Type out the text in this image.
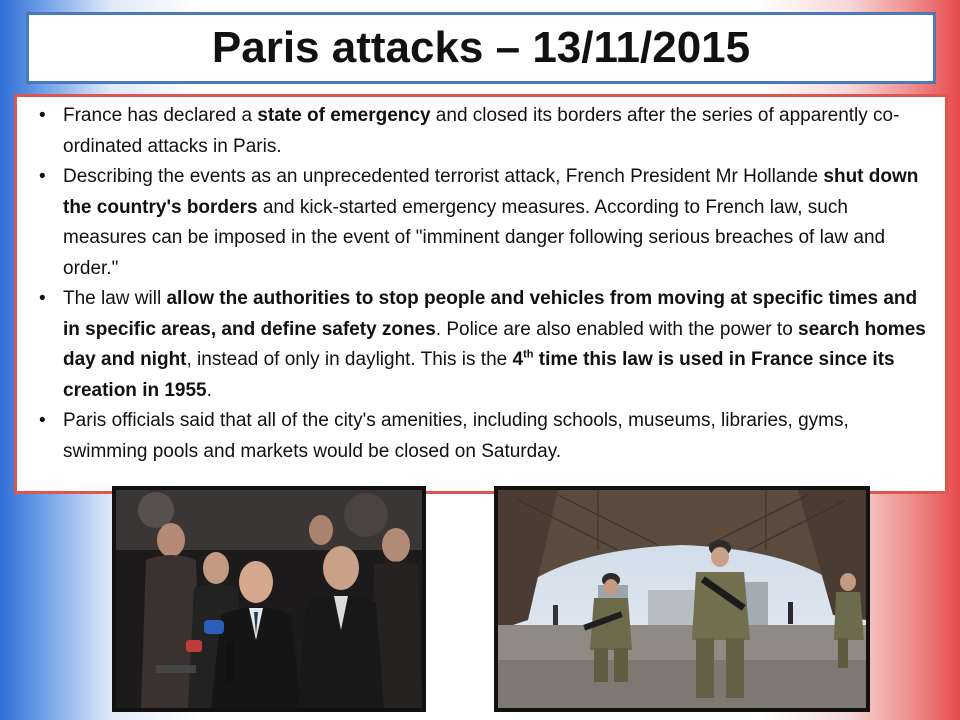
Paris attacks – 13/11/2015
• France has declared a state of emergency and closed its borders after the series of apparently co-ordinated attacks in Paris.
• Describing the events as an unprecedented terrorist attack, French President Mr Hollande shut down the country's borders and kick-started emergency measures. According to French law, such measures can be imposed in the event of "imminent danger following serious breaches of law and order."
• The law will allow the authorities to stop people and vehicles from moving at specific times and in specific areas, and define safety zones. Police are also enabled with the power to search homes day and night, instead of only in daylight. This is the 4th time this law is used in France since its creation in 1955.
• Paris officials said that all of the city's amenities, including schools, museums, libraries, gyms, swimming pools and markets would be closed on Saturday.
